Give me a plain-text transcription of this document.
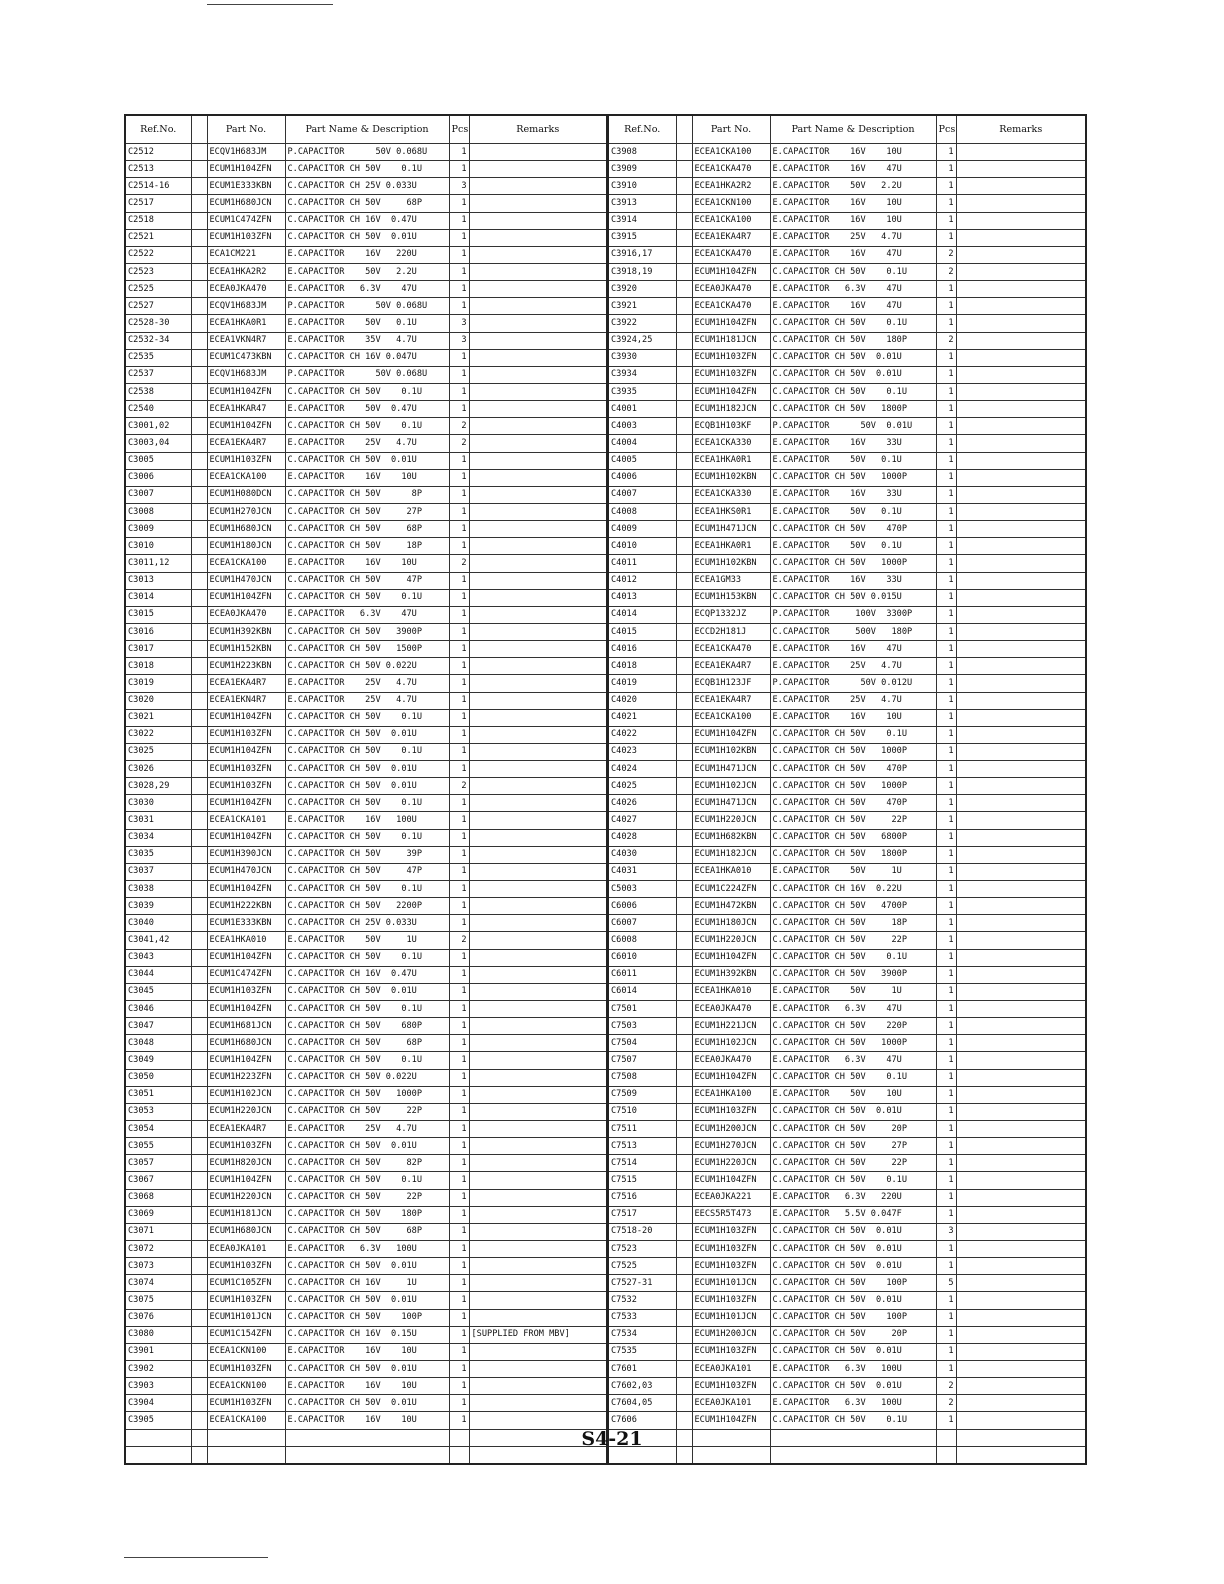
Ref.No.		Part No.	Part Name & Description	Pcs	Remarks
C2512		ECQV1H683JM	P.CAPACITOR      50V 0.068U	1	
C2513		ECUM1H104ZFN	C.CAPACITOR CH 50V    0.1U	1	
C2514-16		ECUM1E333KBN	C.CAPACITOR CH 25V 0.033U	3	
C2517		ECUM1H680JCN	C.CAPACITOR CH 50V     68P	1	
C2518		ECUM1C474ZFN	C.CAPACITOR CH 16V  0.47U	1	
C2521		ECUM1H103ZFN	C.CAPACITOR CH 50V  0.01U	1	
C2522		ECA1CM221	E.CAPACITOR    16V   220U	1	
C2523		ECEA1HKA2R2	E.CAPACITOR    50V   2.2U	1	
C2525		ECEA0JKA470	E.CAPACITOR   6.3V    47U	1	
C2527		ECQV1H683JM	P.CAPACITOR      50V 0.068U	1	
C2528-30		ECEA1HKA0R1	E.CAPACITOR    50V   0.1U	3	
C2532-34		ECEA1VKN4R7	E.CAPACITOR    35V   4.7U	3	
C2535		ECUM1C473KBN	C.CAPACITOR CH 16V 0.047U	1	
C2537		ECQV1H683JM	P.CAPACITOR      50V 0.068U	1	
C2538		ECUM1H104ZFN	C.CAPACITOR CH 50V    0.1U	1	
C2540		ECEA1HKAR47	E.CAPACITOR    50V  0.47U	1	
C3001,02		ECUM1H104ZFN	C.CAPACITOR CH 50V    0.1U	2	
C3003,04		ECEA1EKA4R7	E.CAPACITOR    25V   4.7U	2	
C3005		ECUM1H103ZFN	C.CAPACITOR CH 50V  0.01U	1	
C3006		ECEA1CKA100	E.CAPACITOR    16V    10U	1	
C3007		ECUM1H080DCN	C.CAPACITOR CH 50V      8P	1	
C3008		ECUM1H270JCN	C.CAPACITOR CH 50V     27P	1	
C3009		ECUM1H680JCN	C.CAPACITOR CH 50V     68P	1	
C3010		ECUM1H180JCN	C.CAPACITOR CH 50V     18P	1	
C3011,12		ECEA1CKA100	E.CAPACITOR    16V    10U	2	
C3013		ECUM1H470JCN	C.CAPACITOR CH 50V     47P	1	
C3014		ECUM1H104ZFN	C.CAPACITOR CH 50V    0.1U	1	
C3015		ECEA0JKA470	E.CAPACITOR   6.3V    47U	1	
C3016		ECUM1H392KBN	C.CAPACITOR CH 50V   3900P	1	
C3017		ECUM1H152KBN	C.CAPACITOR CH 50V   1500P	1	
C3018		ECUM1H223KBN	C.CAPACITOR CH 50V 0.022U	1	
C3019		ECEA1EKA4R7	E.CAPACITOR    25V   4.7U	1	
C3020		ECEA1EKN4R7	E.CAPACITOR    25V   4.7U	1	
C3021		ECUM1H104ZFN	C.CAPACITOR CH 50V    0.1U	1	
C3022		ECUM1H103ZFN	C.CAPACITOR CH 50V  0.01U	1	
C3025		ECUM1H104ZFN	C.CAPACITOR CH 50V    0.1U	1	
C3026		ECUM1H103ZFN	C.CAPACITOR CH 50V  0.01U	1	
C3028,29		ECUM1H103ZFN	C.CAPACITOR CH 50V  0.01U	2	
C3030		ECUM1H104ZFN	C.CAPACITOR CH 50V    0.1U	1	
C3031		ECEA1CKA101	E.CAPACITOR    16V   100U	1	
C3034		ECUM1H104ZFN	C.CAPACITOR CH 50V    0.1U	1	
C3035		ECUM1H390JCN	C.CAPACITOR CH 50V     39P	1	
C3037		ECUM1H470JCN	C.CAPACITOR CH 50V     47P	1	
C3038		ECUM1H104ZFN	C.CAPACITOR CH 50V    0.1U	1	
C3039		ECUM1H222KBN	C.CAPACITOR CH 50V   2200P	1	
C3040		ECUM1E333KBN	C.CAPACITOR CH 25V 0.033U	1	
C3041,42		ECEA1HKA010	E.CAPACITOR    50V     1U	2	
C3043		ECUM1H104ZFN	C.CAPACITOR CH 50V    0.1U	1	
C3044		ECUM1C474ZFN	C.CAPACITOR CH 16V  0.47U	1	
C3045		ECUM1H103ZFN	C.CAPACITOR CH 50V  0.01U	1	
C3046		ECUM1H104ZFN	C.CAPACITOR CH 50V    0.1U	1	
C3047		ECUM1H681JCN	C.CAPACITOR CH 50V    680P	1	
C3048		ECUM1H680JCN	C.CAPACITOR CH 50V     68P	1	
C3049		ECUM1H104ZFN	C.CAPACITOR CH 50V    0.1U	1	
C3050		ECUM1H223ZFN	C.CAPACITOR CH 50V 0.022U	1	
C3051		ECUM1H102JCN	C.CAPACITOR CH 50V   1000P	1	
C3053		ECUM1H220JCN	C.CAPACITOR CH 50V     22P	1	
C3054		ECEA1EKA4R7	E.CAPACITOR    25V   4.7U	1	
C3055		ECUM1H103ZFN	C.CAPACITOR CH 50V  0.01U	1	
C3057		ECUM1H820JCN	C.CAPACITOR CH 50V     82P	1	
C3067		ECUM1H104ZFN	C.CAPACITOR CH 50V    0.1U	1	
C3068		ECUM1H220JCN	C.CAPACITOR CH 50V     22P	1	
C3069		ECUM1H181JCN	C.CAPACITOR CH 50V    180P	1	
C3071		ECUM1H680JCN	C.CAPACITOR CH 50V     68P	1	
C3072		ECEA0JKA101	E.CAPACITOR   6.3V   100U	1	
C3073		ECUM1H103ZFN	C.CAPACITOR CH 50V  0.01U	1	
C3074		ECUM1C105ZFN	C.CAPACITOR CH 16V     1U	1	
C3075		ECUM1H103ZFN	C.CAPACITOR CH 50V  0.01U	1	
C3076		ECUM1H101JCN	C.CAPACITOR CH 50V    100P	1	
C3080		ECUM1C154ZFN	C.CAPACITOR CH 16V  0.15U	1	[SUPPLIED FROM MBV]
C3901		ECEA1CKN100	E.CAPACITOR    16V    10U	1	
C3902		ECUM1H103ZFN	C.CAPACITOR CH 50V  0.01U	1	
C3903		ECEA1CKN100	E.CAPACITOR    16V    10U	1	
C3904		ECUM1H103ZFN	C.CAPACITOR CH 50V  0.01U	1	
C3905		ECEA1CKA100	E.CAPACITOR    16V    10U	1	

Ref.No.		Part No.	Part Name & Description	Pcs	Remarks
C3908		ECEA1CKA100	E.CAPACITOR    16V    10U	1	
C3909		ECEA1CKA470	E.CAPACITOR    16V    47U	1	
C3910		ECEA1HKA2R2	E.CAPACITOR    50V   2.2U	1	
C3913		ECEA1CKN100	E.CAPACITOR    16V    10U	1	
C3914		ECEA1CKA100	E.CAPACITOR    16V    10U	1	
C3915		ECEA1EKA4R7	E.CAPACITOR    25V   4.7U	1	
C3916,17		ECEA1CKA470	E.CAPACITOR    16V    47U	2	
C3918,19		ECUM1H104ZFN	C.CAPACITOR CH 50V    0.1U	2	
C3920		ECEA0JKA470	E.CAPACITOR   6.3V    47U	1	
C3921		ECEA1CKA470	E.CAPACITOR    16V    47U	1	
C3922		ECUM1H104ZFN	C.CAPACITOR CH 50V    0.1U	1	
C3924,25		ECUM1H181JCN	C.CAPACITOR CH 50V    180P	2	
C3930		ECUM1H103ZFN	C.CAPACITOR CH 50V  0.01U	1	
C3934		ECUM1H103ZFN	C.CAPACITOR CH 50V  0.01U	1	
C3935		ECUM1H104ZFN	C.CAPACITOR CH 50V    0.1U	1	
C4001		ECUM1H182JCN	C.CAPACITOR CH 50V   1800P	1	
C4003		ECQB1H103KF	P.CAPACITOR      50V  0.01U	1	
C4004		ECEA1CKA330	E.CAPACITOR    16V    33U	1	
C4005		ECEA1HKA0R1	E.CAPACITOR    50V   0.1U	1	
C4006		ECUM1H102KBN	C.CAPACITOR CH 50V   1000P	1	
C4007		ECEA1CKA330	E.CAPACITOR    16V    33U	1	
C4008		ECEA1HKS0R1	E.CAPACITOR    50V   0.1U	1	
C4009		ECUM1H471JCN	C.CAPACITOR CH 50V    470P	1	
C4010		ECEA1HKA0R1	E.CAPACITOR    50V   0.1U	1	
C4011		ECUM1H102KBN	C.CAPACITOR CH 50V   1000P	1	
C4012		ECEA1GM33	E.CAPACITOR    16V    33U	1	
C4013		ECUM1H153KBN	C.CAPACITOR CH 50V 0.015U	1	
C4014		ECQP1332JZ	P.CAPACITOR     100V  3300P	1	
C4015		ECCD2H181J	C.CAPACITOR     500V   180P	1	
C4016		ECEA1CKA470	E.CAPACITOR    16V    47U	1	
C4018		ECEA1EKA4R7	E.CAPACITOR    25V   4.7U	1	
C4019		ECQB1H123JF	P.CAPACITOR      50V 0.012U	1	
C4020		ECEA1EKA4R7	E.CAPACITOR    25V   4.7U	1	
C4021		ECEA1CKA100	E.CAPACITOR    16V    10U	1	
C4022		ECUM1H104ZFN	C.CAPACITOR CH 50V    0.1U	1	
C4023		ECUM1H102KBN	C.CAPACITOR CH 50V   1000P	1	
C4024		ECUM1H471JCN	C.CAPACITOR CH 50V    470P	1	
C4025		ECUM1H102JCN	C.CAPACITOR CH 50V   1000P	1	
C4026		ECUM1H471JCN	C.CAPACITOR CH 50V    470P	1	
C4027		ECUM1H220JCN	C.CAPACITOR CH 50V     22P	1	
C4028		ECUM1H682KBN	C.CAPACITOR CH 50V   6800P	1	
C4030		ECUM1H182JCN	C.CAPACITOR CH 50V   1800P	1	
C4031		ECEA1HKA010	E.CAPACITOR    50V     1U	1	
C5003		ECUM1C224ZFN	C.CAPACITOR CH 16V  0.22U	1	
C6006		ECUM1H472KBN	C.CAPACITOR CH 50V   4700P	1	
C6007		ECUM1H180JCN	C.CAPACITOR CH 50V     18P	1	
C6008		ECUM1H220JCN	C.CAPACITOR CH 50V     22P	1	
C6010		ECUM1H104ZFN	C.CAPACITOR CH 50V    0.1U	1	
C6011		ECUM1H392KBN	C.CAPACITOR CH 50V   3900P	1	
C6014		ECEA1HKA010	E.CAPACITOR    50V     1U	1	
C7501		ECEA0JKA470	E.CAPACITOR   6.3V    47U	1	
C7503		ECUM1H221JCN	C.CAPACITOR CH 50V    220P	1	
C7504		ECUM1H102JCN	C.CAPACITOR CH 50V   1000P	1	
C7507		ECEA0JKA470	E.CAPACITOR   6.3V    47U	1	
C7508		ECUM1H104ZFN	C.CAPACITOR CH 50V    0.1U	1	
C7509		ECEA1HKA100	E.CAPACITOR    50V    10U	1	
C7510		ECUM1H103ZFN	C.CAPACITOR CH 50V  0.01U	1	
C7511		ECUM1H200JCN	C.CAPACITOR CH 50V     20P	1	
C7513		ECUM1H270JCN	C.CAPACITOR CH 50V     27P	1	
C7514		ECUM1H220JCN	C.CAPACITOR CH 50V     22P	1	
C7515		ECUM1H104ZFN	C.CAPACITOR CH 50V    0.1U	1	
C7516		ECEA0JKA221	E.CAPACITOR   6.3V   220U	1	
C7517		EECS5R5T473	E.CAPACITOR   5.5V 0.047F	1	
C7518-20		ECUM1H103ZFN	C.CAPACITOR CH 50V  0.01U	3	
C7523		ECUM1H103ZFN	C.CAPACITOR CH 50V  0.01U	1	
C7525		ECUM1H103ZFN	C.CAPACITOR CH 50V  0.01U	1	
C7527-31		ECUM1H101JCN	C.CAPACITOR CH 50V    100P	5	
C7532		ECUM1H103ZFN	C.CAPACITOR CH 50V  0.01U	1	
C7533		ECUM1H101JCN	C.CAPACITOR CH 50V    100P	1	
C7534		ECUM1H200JCN	C.CAPACITOR CH 50V     20P	1	
C7535		ECUM1H103ZFN	C.CAPACITOR CH 50V  0.01U	1	
C7601		ECEA0JKA101	E.CAPACITOR   6.3V   100U	1	
C7602,03		ECUM1H103ZFN	C.CAPACITOR CH 50V  0.01U	2	
C7604,05		ECEA0JKA101	E.CAPACITOR   6.3V   100U	2	
C7606		ECUM1H104ZFN	C.CAPACITOR CH 50V    0.1U	1	

S4-21
